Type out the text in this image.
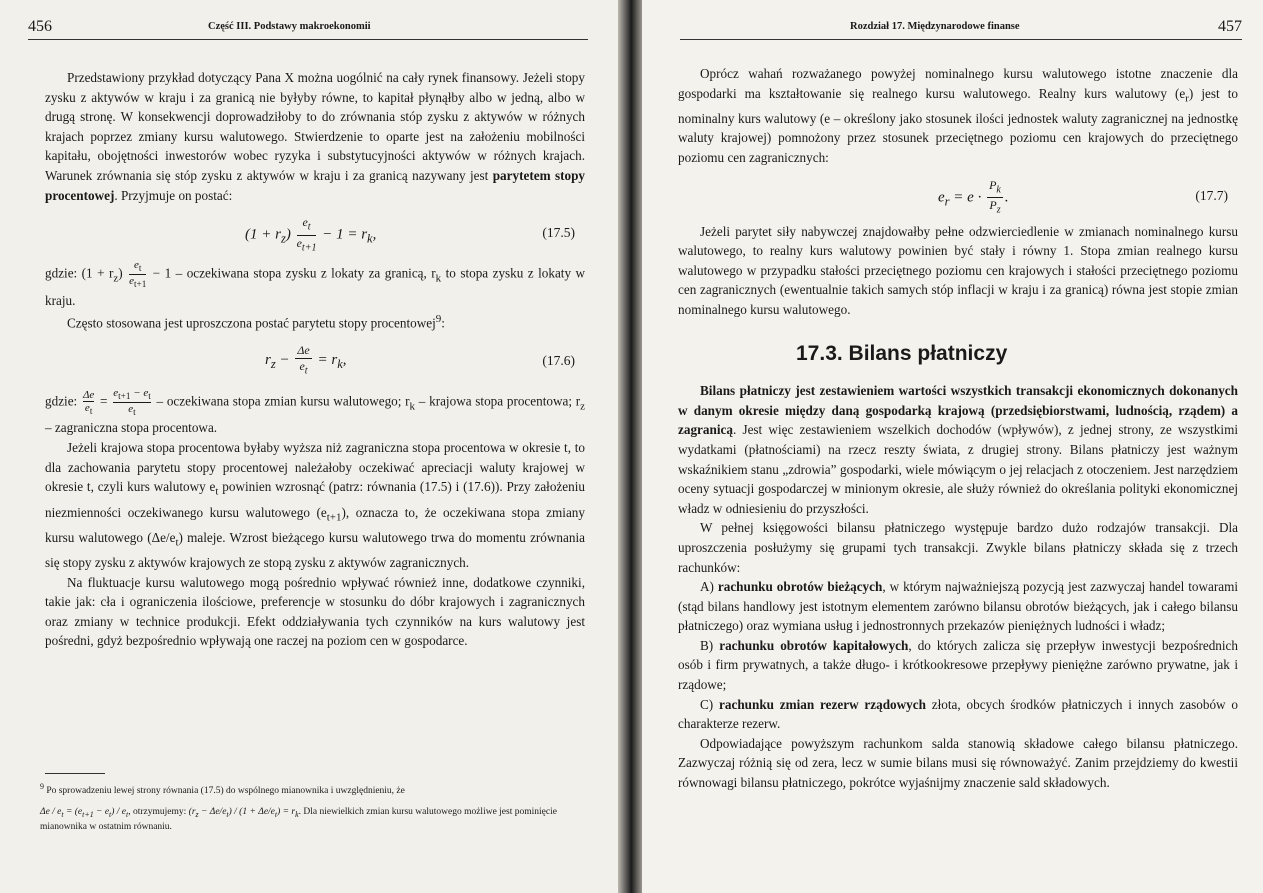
456	Część III. Podstawy makroekonomii

Przedstawiony przykład dotyczący Pana X można uogólnić na cały rynek finansowy. Jeżeli stopy zysku z aktywów w kraju i za granicą nie byłyby równe, to kapitał płynąłby albo w jedną, albo w drugą stronę. W konsekwencji doprowadziłoby to do zrównania stóp zysku z aktywów w różnych krajach poprzez zmiany kursu walutowego. Stwierdzenie to oparte jest na założeniu mobilności kapitału, obojętności inwestorów wobec ryzyka i substytucyjności aktywów w różnych krajach. Warunek zrównania się stóp zysku z aktywów w kraju i za granicą nazywany jest parytetem stopy procentowej. Przyjmuje on postać:

$(1 + r_z) \frac{e_t}{e_{t+1}} - 1 = r_k$,	(17.5)

gdzie: $(1 + r_z) \frac{e_t}{e_{t+1}} - 1$ – oczekiwana stopa zysku z lokaty za granicą, $r_k$ to stopa zysku z lokaty w kraju.

Często stosowana jest uproszczona postać parytetu stopy procentowej$^9$:

$r_z - \frac{\Delta e}{e_t} = r_k$,	(17.6)

gdzie: $\frac{\Delta e}{e_t} = \frac{e_{t+1} - e_t}{e_t}$ – oczekiwana stopa zmian kursu walutowego; $r_k$ – krajowa stopa procentowa; $r_z$ – zagraniczna stopa procentowa.

Jeżeli krajowa stopa procentowa byłaby wyższa niż zagraniczna stopa procentowa w okresie t, to dla zachowania parytetu stopy procentowej należałoby oczekiwać apreciacji waluty krajowej w okresie t, czyli kurs walutowy $e_t$ powinien wzrosnąć (patrz: równania (17.5) i (17.6)). Przy założeniu niezmienności oczekiwanego kursu walutowego $(e_{t+1})$, oznacza to, że oczekiwana stopa zmiany kursu walutowego $(\Delta e/e_t)$ maleje. Wzrost bieżącego kursu walutowego trwa do momentu zrównania się stopy zysku z aktywów krajowych ze stopą zysku z aktywów zagranicznych.

Na fluktuacje kursu walutowego mogą pośrednio wpływać również inne, dodatkowe czynniki, takie jak: cła i ograniczenia ilościowe, preferencje w stosunku do dóbr krajowych i zagranicznych oraz zmiany w technice produkcji. Efekt oddziaływania tych czynników na kurs walutowy jest pośredni, gdyż bezpośrednio wpływają one raczej na poziom cen w gospodarce.

$^9$ Po sprowadzeniu lewej strony równania (17.5) do wspólnego mianownika i uwzględnieniu, że
$\Delta e / e_t = (e_{t+1} - e_t) / e_t$, otrzymujemy: $(r_z - \Delta e/e_t) / (1 + \Delta e/e_t) = r_k$. Dla niewielkich zmian kursu walutowego możliwe jest pominięcie mianownika w ostatnim równaniu.
Rozdział 17. Międzynarodowe finanse	457

Oprócz wahań rozważanego powyżej nominalnego kursu walutowego istotne znaczenie dla gospodarki ma kształtowanie się realnego kursu walutowego. Realny kurs walutowy $(e_r)$ jest to nominalny kurs walutowy (e – określony jako stosunek ilości jednostek waluty zagranicznej na jednostkę waluty krajowej) pomnożony przez stosunek przeciętnego poziomu cen krajowych do przeciętnego poziomu cen zagranicznych:

$e_r = e \cdot \frac{P_k}{P_z}$ .	(17.7)

Jeżeli parytet siły nabywczej znajdowałby pełne odzwierciedlenie w zmianach nominalnego kursu walutowego, to realny kurs walutowy powinien być stały i równy 1. Stopa zmian realnego kursu walutowego w przypadku stałości przeciętnego poziomu cen krajowych i stałości przeciętnego poziomu cen zagranicznych (ewentualnie takich samych stóp inflacji w kraju i za granicą) równa jest stopie zmian nominalnego kursu walutowego.

17.3. Bilans płatniczy

Bilans płatniczy jest zestawieniem wartości wszystkich transakcji ekonomicznych dokonanych w danym okresie między daną gospodarką krajową (przedsiębiorstwami, ludnością, rządem) a zagranicą. Jest więc zestawieniem wszelkich dochodów (wpływów), z jednej strony, ze wszystkimi wydatkami (płatnościami) na rzecz reszty świata, z drugiej strony. Bilans płatniczy jest ważnym wskaźnikiem stanu „zdrowia” gospodarki, wiele mówiącym o jej relacjach z otoczeniem. Jest narzędziem oceny sytuacji gospodarczej w minionym okresie, ale służy również do określania polityki ekonomicznej władz w odniesieniu do przyszłości.

W pełnej księgowości bilansu płatniczego występuje bardzo dużo rodzajów transakcji. Dla uproszczenia posłużymy się grupami tych transakcji. Zwykle bilans płatniczy składa się z trzech rachunków:

A) rachunku obrotów bieżących, w którym najważniejszą pozycją jest zazwyczaj handel towarami (stąd bilans handlowy jest istotnym elementem zarówno bilansu obrotów bieżących, jak i całego bilansu płatniczego) oraz wymiana usług i jednostronnych przekazów pieniężnych ludności i władz;

B) rachunku obrotów kapitałowych, do których zalicza się przepływ inwestycji bezpośrednich osób i firm prywatnych, a także długo- i krótkookresowe przepływy pieniężne zarówno prywatne, jak i rządowe;

C) rachunku zmian rezerw rządowych złota, obcych środków płatniczych i innych zasobów o charakterze rezerw.

Odpowiadające powyższym rachunkom salda stanowią składowe całego bilansu płatniczego. Zazwyczaj różnią się od zera, lecz w sumie bilans musi się równoważyć. Zanim przejdziemy do kwestii równowagi bilansu płatniczego, pokrótce wyjaśnijmy znaczenie sald składowych.
